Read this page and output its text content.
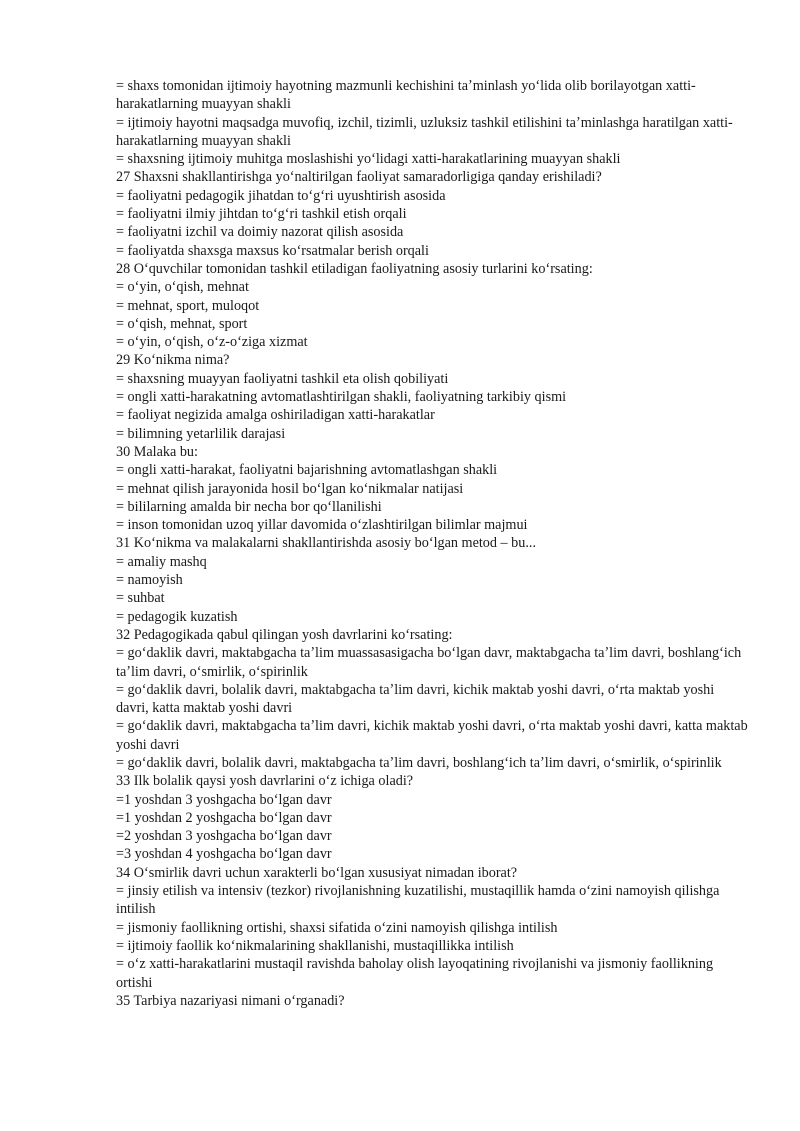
= shaxs tomonidan ijtimoiy hayotning mazmunli kechishini taʼminlash yoʻlida olib borilayotgan xatti-harakatlarning muayyan shakli

= ijtimoiy hayotni maqsadga muvofiq, izchil, tizimli, uzluksiz tashkil etilishini taʼminlashga haratilgan xatti-harakatlarning muayyan shakli

= shaxsning ijtimoiy muhitga moslashishi yoʻlidagi xatti-harakatlarining muayyan shakli

27 Shaxsni shakllantirishga yoʻnaltirilgan faoliyat samaradorligiga qanday erishiladi?

= faoliyatni pedagogik jihatdan toʻgʻri uyushtirish asosida

= faoliyatni ilmiy jihtdan toʻgʻri tashkil etish orqali

= faoliyatni izchil va doimiy nazorat qilish asosida

= faoliyatda shaxsga maxsus koʻrsatmalar berish orqali

28 Oʻquvchilar tomonidan tashkil etiladigan faoliyatning asosiy turlarini koʻrsating:

= oʻyin, oʻqish, mehnat

= mehnat, sport, muloqot

= oʻqish, mehnat, sport

= oʻyin, oʻqish, oʻz-oʻziga xizmat

29 Koʻnikma nima?

= shaxsning muayyan faoliyatni tashkil eta olish qobiliyati

= ongli xatti-harakatning avtomatlashtirilgan shakli, faoliyatning tarkibiy qismi

= faoliyat negizida amalga oshiriladigan xatti-harakatlar

= bilimning yetarlilik darajasi

30 Malaka bu:

= ongli xatti-harakat, faoliyatni bajarishning avtomatlashgan shakli

= mehnat qilish jarayonida hosil boʻlgan koʻnikmalar natijasi

= bililarning amalda bir necha bor qoʻllanilishi

= inson tomonidan uzoq yillar davomida oʻzlashtirilgan bilimlar majmui

31 Koʻnikma va malakalarni shakllantirishda asosiy boʻlgan metod – bu...

= amaliy mashq

= namoyish

= suhbat

= pedagogik kuzatish

32 Pedagogikada qabul qilingan yosh davrlarini koʻrsating:

= goʻdaklik davri, maktabgacha taʼlim muassasasigacha boʻlgan davr, maktabgacha taʼlim davri, boshlangʻich taʼlim davri, oʻsmirlik, oʻspirinlik

= goʻdaklik davri, bolalik davri, maktabgacha taʼlim davri, kichik maktab yoshi davri, oʻrta maktab yoshi davri, katta maktab yoshi davri

= goʻdaklik davri, maktabgacha taʼlim davri, kichik maktab yoshi davri, oʻrta maktab yoshi davri, katta maktab yoshi davri

= goʻdaklik davri, bolalik davri, maktabgacha taʼlim davri, boshlangʻich taʼlim davri, oʻsmirlik, oʻspirinlik

33 Ilk bolalik qaysi yosh davrlarini oʻz ichiga oladi?

=1 yoshdan 3 yoshgacha boʻlgan davr

=1 yoshdan 2 yoshgacha boʻlgan davr

=2 yoshdan 3 yoshgacha boʻlgan davr

=3 yoshdan 4 yoshgacha boʻlgan davr

34 Oʻsmirlik davri uchun xarakterli boʻlgan xususiyat nimadan iborat?

= jinsiy etilish va intensiv (tezkor) rivojlanishning kuzatilishi, mustaqillik hamda oʻzini namoyish qilishga intilish

= jismoniy faollikning ortishi, shaxsi sifatida oʻzini namoyish qilishga intilish

= ijtimoiy faollik koʻnikmalarining shakllanishi, mustaqillikka intilish

= oʻz xatti-harakatlarini mustaqil ravishda baholay olish layoqatining rivojlanishi va jismoniy faollikning ortishi

35 Tarbiya nazariyasi nimani oʻrganadi?
